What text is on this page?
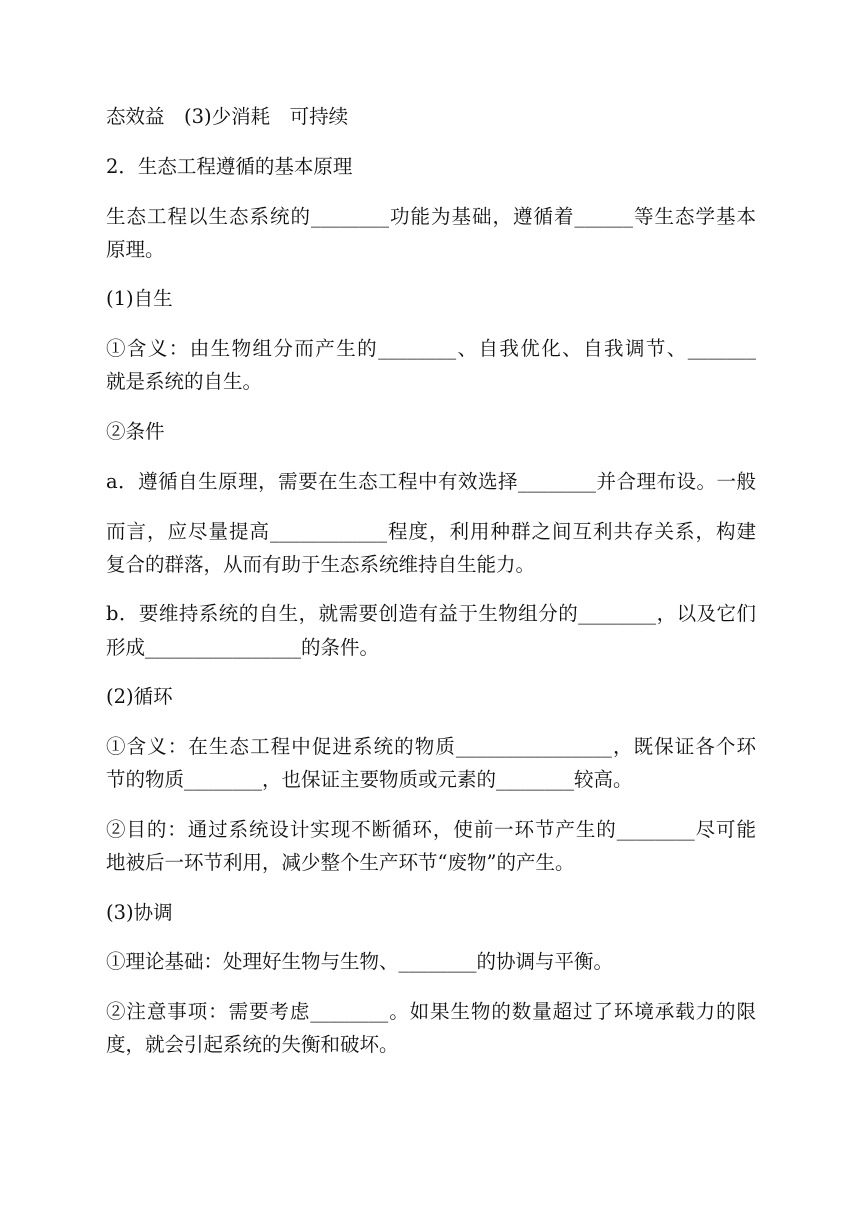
态效益　(3)少消耗　可持续
2．生态工程遵循的基本原理
生态工程以生态系统的________功能为基础，遵循着______等生态学基本
原理。
(1)自生
①含义：由生物组分而产生的________、自我优化、自我调节、_______
就是系统的自生。
②条件
a．遵循自生原理，需要在生态工程中有效选择________并合理布设。一般
而言，应尽量提高____________程度，利用种群之间互利共存关系，构建
复合的群落，从而有助于生态系统维持自生能力。
b．要维持系统的自生，就需要创造有益于生物组分的________，以及它们
形成________________的条件。
(2)循环
①含义：在生态工程中促进系统的物质________________，既保证各个环
节的物质________，也保证主要物质或元素的________较高。
②目的：通过系统设计实现不断循环，使前一环节产生的________尽可能
地被后一环节利用，减少整个生产环节“废物”的产生。
(3)协调
①理论基础：处理好生物与生物、________的协调与平衡。
②注意事项：需要考虑________。如果生物的数量超过了环境承载力的限
度，就会引起系统的失衡和破坏。
